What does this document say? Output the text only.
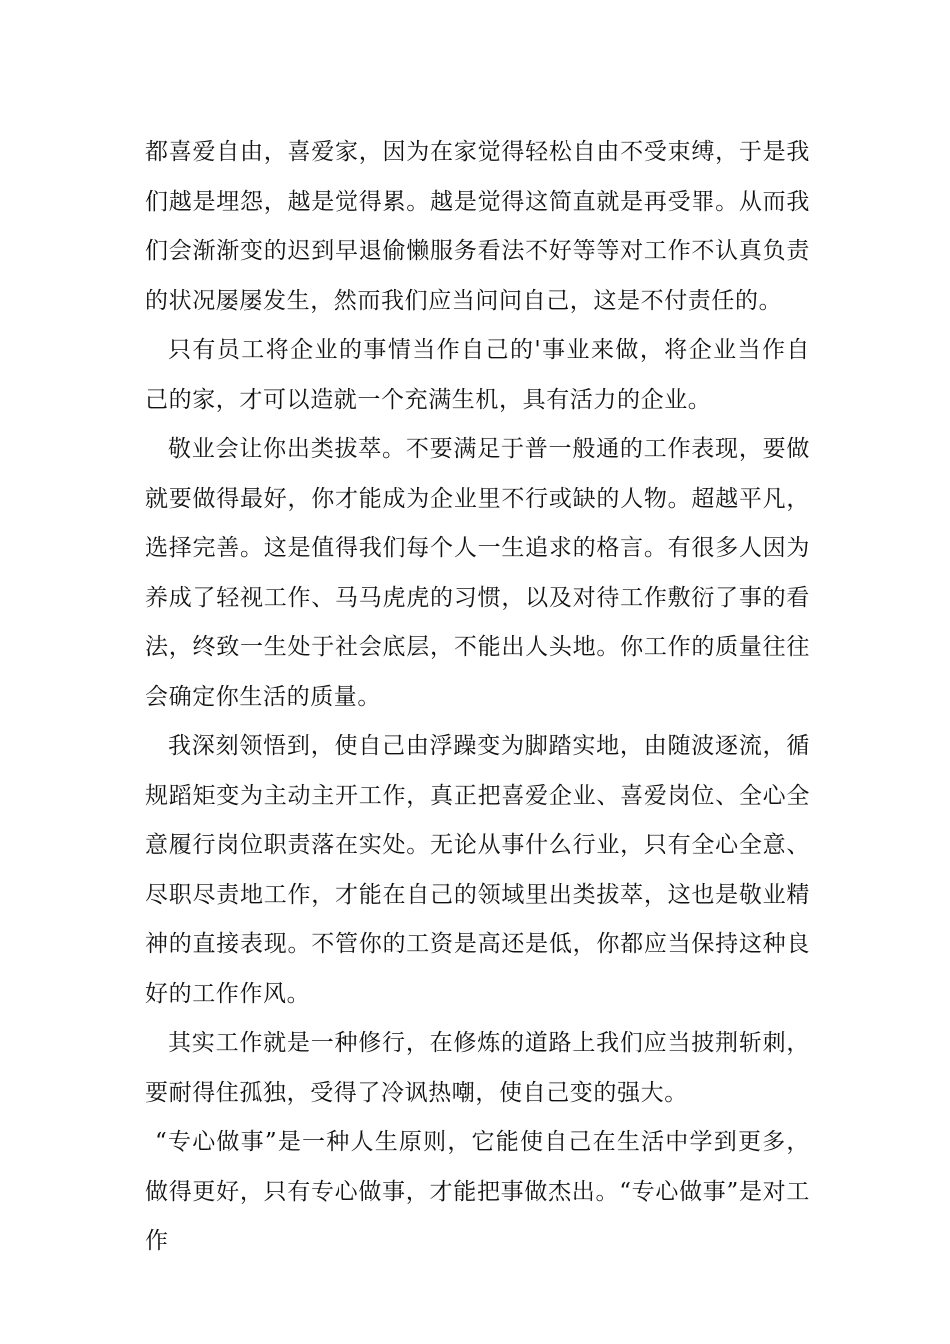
都喜爱自由，喜爱家，因为在家觉得轻松自由不受束缚，于是我们越是埋怨，越是觉得累。越是觉得这简直就是再受罪。从而我们会渐渐变的迟到早退偷懒服务看法不好等等对工作不认真负责的状况屡屡发生，然而我们应当问问自己，这是不付责任的。

只有员工将企业的事情当作自己的'事业来做，将企业当作自己的家，才可以造就一个充满生机，具有活力的企业。

敬业会让你出类拔萃。不要满足于普一般通的工作表现，要做就要做得最好，你才能成为企业里不行或缺的人物。超越平凡，选择完善。这是值得我们每个人一生追求的格言。有很多人因为养成了轻视工作、马马虎虎的习惯，以及对待工作敷衍了事的看法，终致一生处于社会底层，不能出人头地。你工作的质量往往会确定你生活的质量。

我深刻领悟到，使自己由浮躁变为脚踏实地，由随波逐流，循规蹈矩变为主动主开工作，真正把喜爱企业、喜爱岗位、全心全意履行岗位职责落在实处。无论从事什么行业，只有全心全意、尽职尽责地工作，才能在自己的领域里出类拔萃，这也是敬业精神的直接表现。不管你的工资是高还是低，你都应当保持这种良好的工作作风。

其实工作就是一种修行，在修炼的道路上我们应当披荆斩刺，要耐得住孤独，受得了冷讽热嘲，使自己变的强大。

“专心做事”是一种人生原则，它能使自己在生活中学到更多，做得更好，只有专心做事，才能把事做杰出。“专心做事”是对工作
